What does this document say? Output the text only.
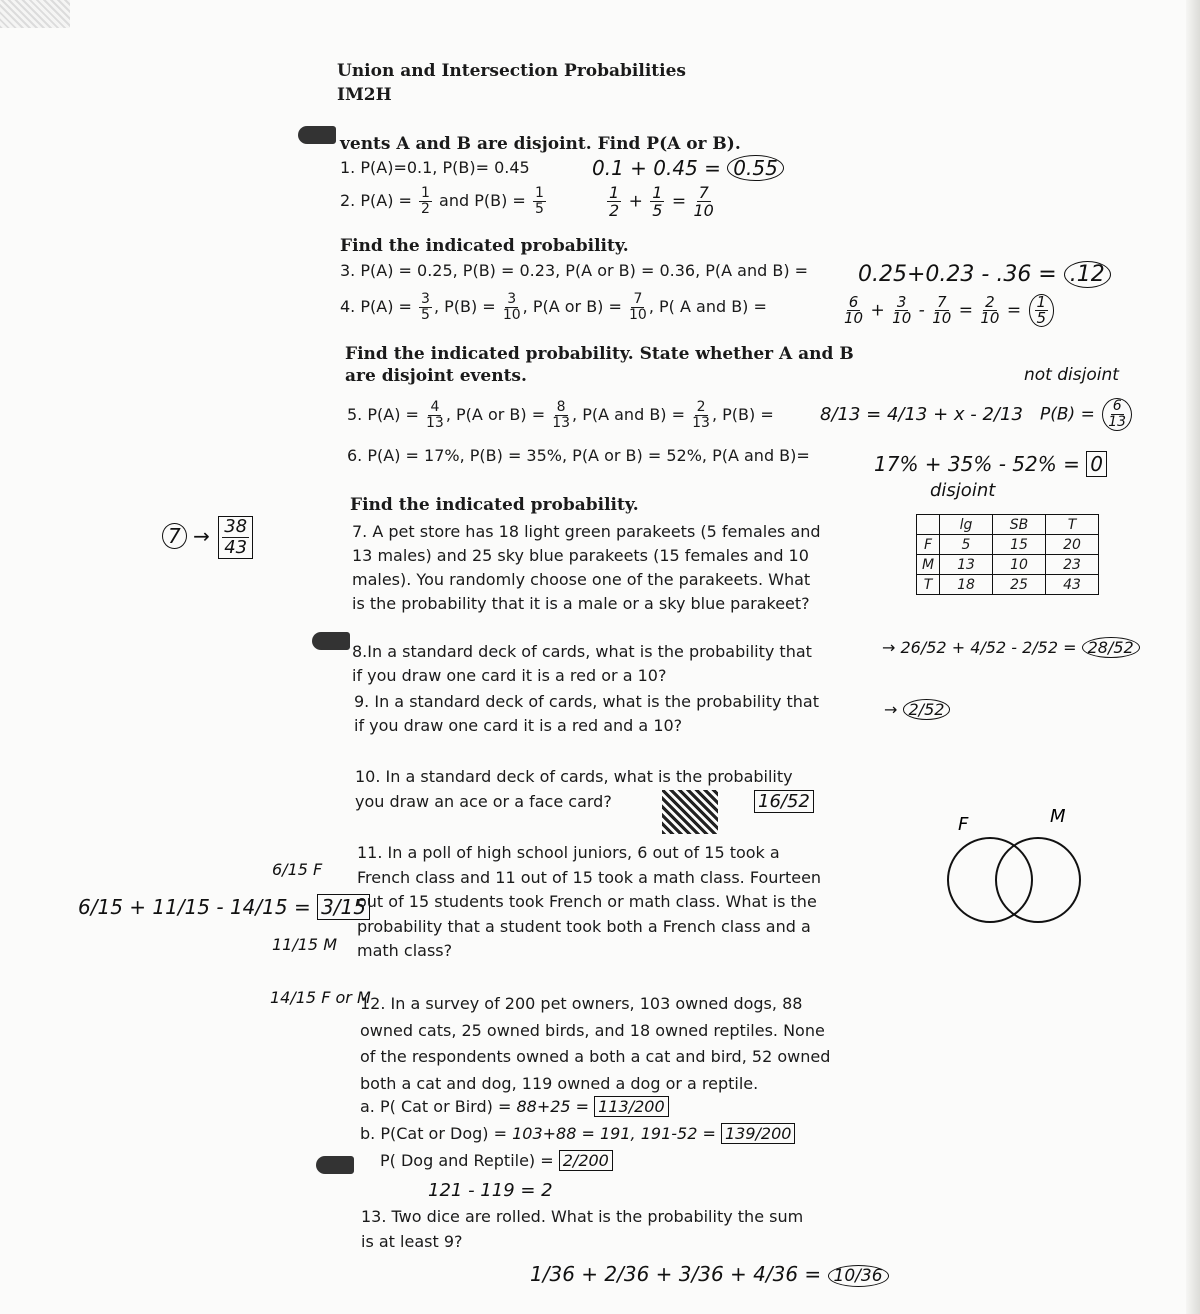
Union and Intersection Probabilities
IM2H
vents A and B are disjoint. Find P(A or B).
1. P(A)=0.1, P(B)= 0.45	0.1 + 0.45 = 0.55
2. $P(A) = \frac{1}{2}$ and $P(B) = \frac{1}{5}$	$\frac{1}{2} + \frac{1}{5} = \frac{7}{10}$
Find the indicated probability.
3. P(A) = 0.25, P(B) = 0.23, P(A or B) = 0.36, P(A and B) = 0.25+0.23 - .36 = .12
4. $P(A) = \frac{3}{5}$ , $P(B) = \frac{3}{10}$ , P(A or $B) = \frac{7}{10}$ , P( A and B) =	$\frac{6}{10} + \frac{3}{10} - \frac{7}{10} = \frac{2}{10} = \frac{1}{5}$
Find the indicated probability. State whether A and B
are disjoint events.	not disjoint
5. $P(A) = \frac{4}{13}$ , P(A or $B) = \frac{8}{13}$ , P(A and $B) = \frac{2}{13}$ , P(B) =	8/13 = 4/13 + x - 2/13 $P(B) = \frac{6}{13}$
6. P(A) = 17%, P(B) = 35%, P(A or B) = 52%, P(A and B)=	17% + 35% - 52% = 0
disjoint
Find the indicated probability.
7. A pet store has 18 light green parakeets (5 females and
13 males) and 25 sky blue parakeets (15 females and 10
males). You randomly choose one of the parakeets. What
is the probability that it is a male or a sky blue parakeet?
$7 \to \frac{38}{43}$
		lg	SB	T
F	5	15	20
M	13	10	23
T	18	25	43
8.In a standard deck of cards, what is the probability that
if you draw one card it is a red or a 10?
→ 26/52 + 4/52 - 2/52 = 28/52
9. In a standard deck of cards, what is the probability that
if you draw one card it is a red and a 10?
→ 2/52
10. In a standard deck of cards, what is the probability
you draw an ace or a face card?	16/52
11. In a poll of high school juniors, 6 out of 15 took a
French class and 11 out of 15 took a math class. Fourteen
out of 15 students took French or math class. What is the
probability that a student took both a French class and a
math class?
6/15 + 11/15 - 14/15 = 3/15
6/15 F
11/15 M
14/15 F or M
F	M
12. In a survey of 200 pet owners, 103 owned dogs, 88
owned cats, 25 owned birds, and 18 owned reptiles. None
of the respondents owned a both a cat and bird, 52 owned
both a cat and dog, 119 owned a dog or a reptile.
a. P( Cat or Bird) = 88+25 = 113/200
b. P(Cat or Dog) = 103+88 = 191, 191-52 = 139/200
P( Dog and Reptile) = 2/200
121 - 119 = 2
13. Two dice are rolled. What is the probability the sum
is at least 9?
1/36 + 2/36 + 3/36 + 4/36 = 10/36
